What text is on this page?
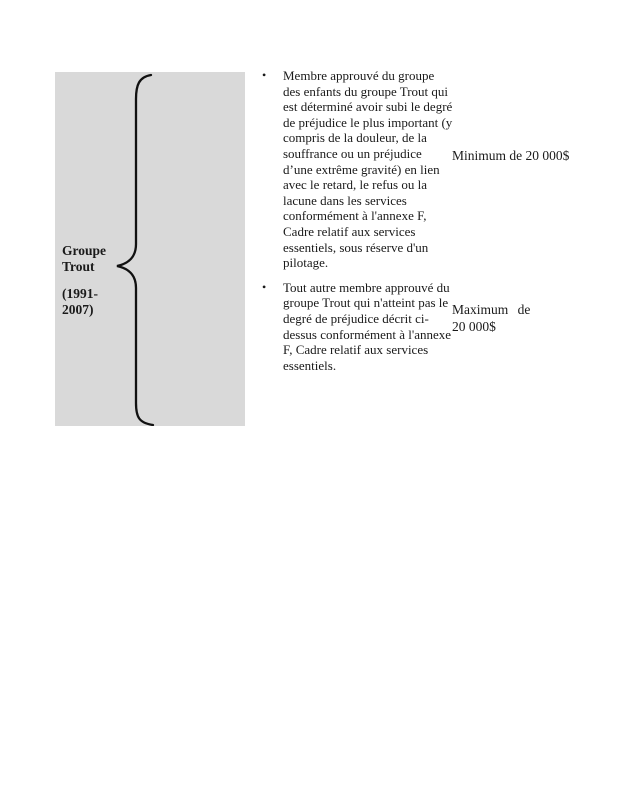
Groupe Trout
(1991-2007)
•	Membre approuvé du groupe des enfants du groupe Trout qui est déterminé avoir subi le degré de préjudice le plus important (y compris de la douleur, de la souffrance ou un préjudice d’une extrême gravité) en lien avec le retard, le refus ou la lacune dans les services conformément à l'annexe F, Cadre relatif aux services essentiels, sous réserve d'un pilotage.
•	Tout autre membre approuvé du groupe Trout qui n'atteint pas le degré de préjudice décrit ci-dessus conformément à l'annexe F, Cadre relatif aux services essentiels.
Minimum de 20 000$
Maximum de
20 000$
